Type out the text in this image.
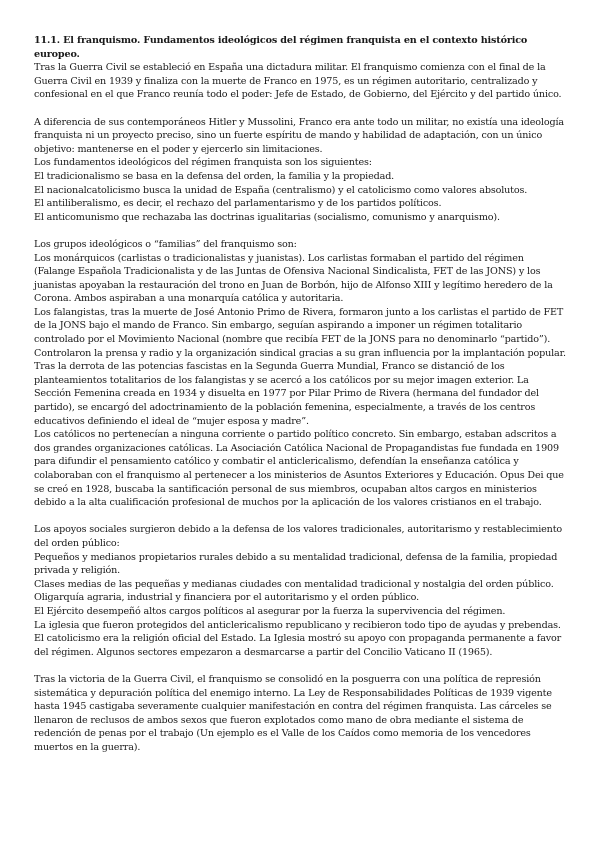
11.1. El franquismo. Fundamentos ideológicos del régimen franquista en el contexto histórico europeo.

Tras la Guerra Civil se estableció en España una dictadura militar. El franquismo comienza con el final de la Guerra Civil en 1939 y finaliza con la muerte de Franco en 1975, es un régimen autoritario, centralizado y confesional en el que Franco reunía todo el poder: Jefe de Estado, de Gobierno, del Ejército y del partido único.

A diferencia de sus contemporáneos Hitler y Mussolini, Franco era ante todo un militar, no existía una ideología franquista ni un proyecto preciso, sino un fuerte espíritu de mando y habilidad de adaptación, con un único objetivo: mantenerse en el poder y ejercerlo sin limitaciones.

Los fundamentos ideológicos del régimen franquista son los siguientes:

El tradicionalismo se basa en la defensa del orden, la familia y la propiedad.

El nacionalcatolicismo busca la unidad de España (centralismo) y el catolicismo como valores absolutos.

El antiliberalismo, es decir, el rechazo del parlamentarismo y de los partidos políticos.

El anticomunismo que rechazaba las doctrinas igualitarias (socialismo, comunismo y anarquismo).

Los grupos ideológicos o “familias” del franquismo son:

Los monárquicos (carlistas o tradicionalistas y juanistas). Los carlistas formaban el partido del régimen (Falange Española Tradicionalista y de las Juntas de Ofensiva Nacional Sindicalista, FET de las JONS) y los juanistas apoyaban la restauración del trono en Juan de Borbón, hijo de Alfonso XIII y legítimo heredero de la Corona. Ambos aspiraban a una monarquía católica y autoritaria.

Los falangistas, tras la muerte de José Antonio Primo de Rivera, formaron junto a los carlistas el partido de FET de la JONS bajo el mando de Franco. Sin embargo, seguían aspirando a imponer un régimen totalitario controlado por el Movimiento Nacional (nombre que recibía FET de la JONS para no denominarlo “partido”). Controlaron la prensa y radio y la organización sindical gracias a su gran influencia por la implantación popular. Tras la derrota de las potencias fascistas en la Segunda Guerra Mundial, Franco se distanció de los planteamientos totalitarios de los falangistas y se acercó a los católicos por su mejor imagen exterior. La Sección Femenina creada en 1934 y disuelta en 1977 por Pilar Primo de Rivera (hermana del fundador del partido), se encargó del adoctrinamiento de la población femenina, especialmente, a través de los centros educativos definiendo el ideal de “mujer esposa y madre”.

Los católicos no pertenecían a ninguna corriente o partido político concreto. Sin embargo, estaban adscritos a dos grandes organizaciones católicas. La Asociación Católica Nacional de Propagandistas fue fundada en 1909 para difundir el pensamiento católico y combatir el anticlericalismo, defendían la enseñanza católica y colaboraban con el franquismo al pertenecer a los ministerios de Asuntos Exteriores y Educación. Opus Dei que se creó en 1928, buscaba la santificación personal de sus miembros, ocupaban altos cargos en ministerios debido a la alta cualificación profesional de muchos por la aplicación de los valores cristianos en el trabajo.

Los apoyos sociales surgieron debido a la defensa de los valores tradicionales, autoritarismo y restablecimiento del orden público:

Pequeños y medianos propietarios rurales debido a su mentalidad tradicional, defensa de la familia, propiedad privada y religión.

Clases medias de las pequeñas y medianas ciudades con mentalidad tradicional y nostalgia del orden público.

Oligarquía agraria, industrial y financiera por el autoritarismo y el orden público.

El Ejército desempeñó altos cargos políticos al asegurar por la fuerza la supervivencia del régimen.

La iglesia que fueron protegidos del anticlericalismo republicano y recibieron todo tipo de ayudas y prebendas. El catolicismo era la religión oficial del Estado. La Iglesia mostró su apoyo con propaganda permanente a favor del régimen. Algunos sectores empezaron a desmarcarse a partir del Concilio Vaticano II (1965).

Tras la victoria de la Guerra Civil, el franquismo se consolidó en la posguerra con una política de represión sistemática y depuración política del enemigo interno. La Ley de Responsabilidades Políticas de 1939 vigente hasta 1945 castigaba severamente cualquier manifestación en contra del régimen franquista. Las cárceles se llenaron de reclusos de ambos sexos que fueron explotados como mano de obra mediante el sistema de redención de penas por el trabajo (Un ejemplo es el Valle de los Caídos como memoria de los vencedores muertos en la guerra).
